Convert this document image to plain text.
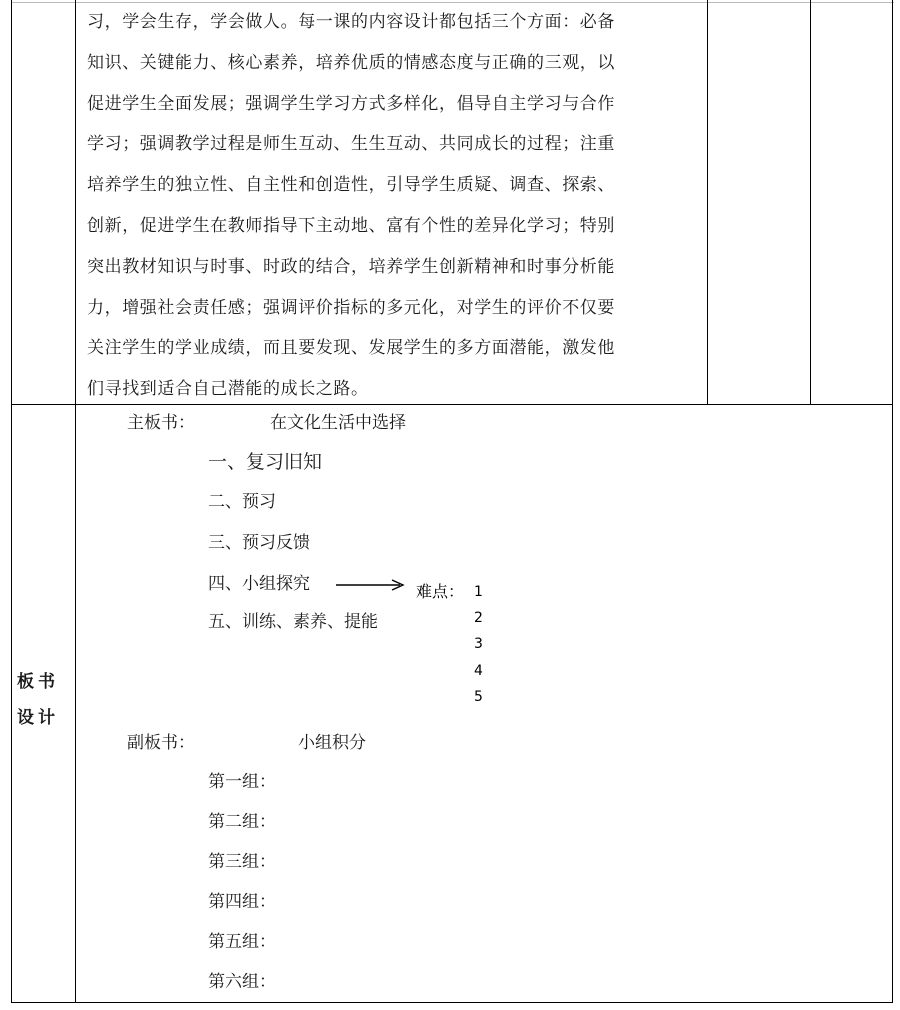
习，学会生存，学会做人。每一课的内容设计都包括三个方面：必备
知识、关键能力、核心素养，培养优质的情感态度与正确的三观，以
促进学生全面发展；强调学生学习方式多样化，倡导自主学习与合作
学习；强调教学过程是师生互动、生生互动、共同成长的过程；注重
培养学生的独立性、自主性和创造性，引导学生质疑、调查、探索、
创新，促进学生在教师指导下主动地、富有个性的差异化学习；特别
突出教材知识与时事、时政的结合，培养学生创新精神和时事分析能
力，增强社会责任感；强调评价指标的多元化，对学生的评价不仅要
关注学生的学业成绩，而且要发现、发展学生的多方面潜能，激发他
们寻找到适合自己潜能的成长之路。
板书
设计
主板书：	在文化生活中选择
一、复习旧知
二、预习
三、预习反馈
四、小组探究
五、训练、素养、提能
难点： 1
2
3
4
5
副板书：	小组积分
第一组：
第二组：
第三组：
第四组：
第五组：
第六组：
